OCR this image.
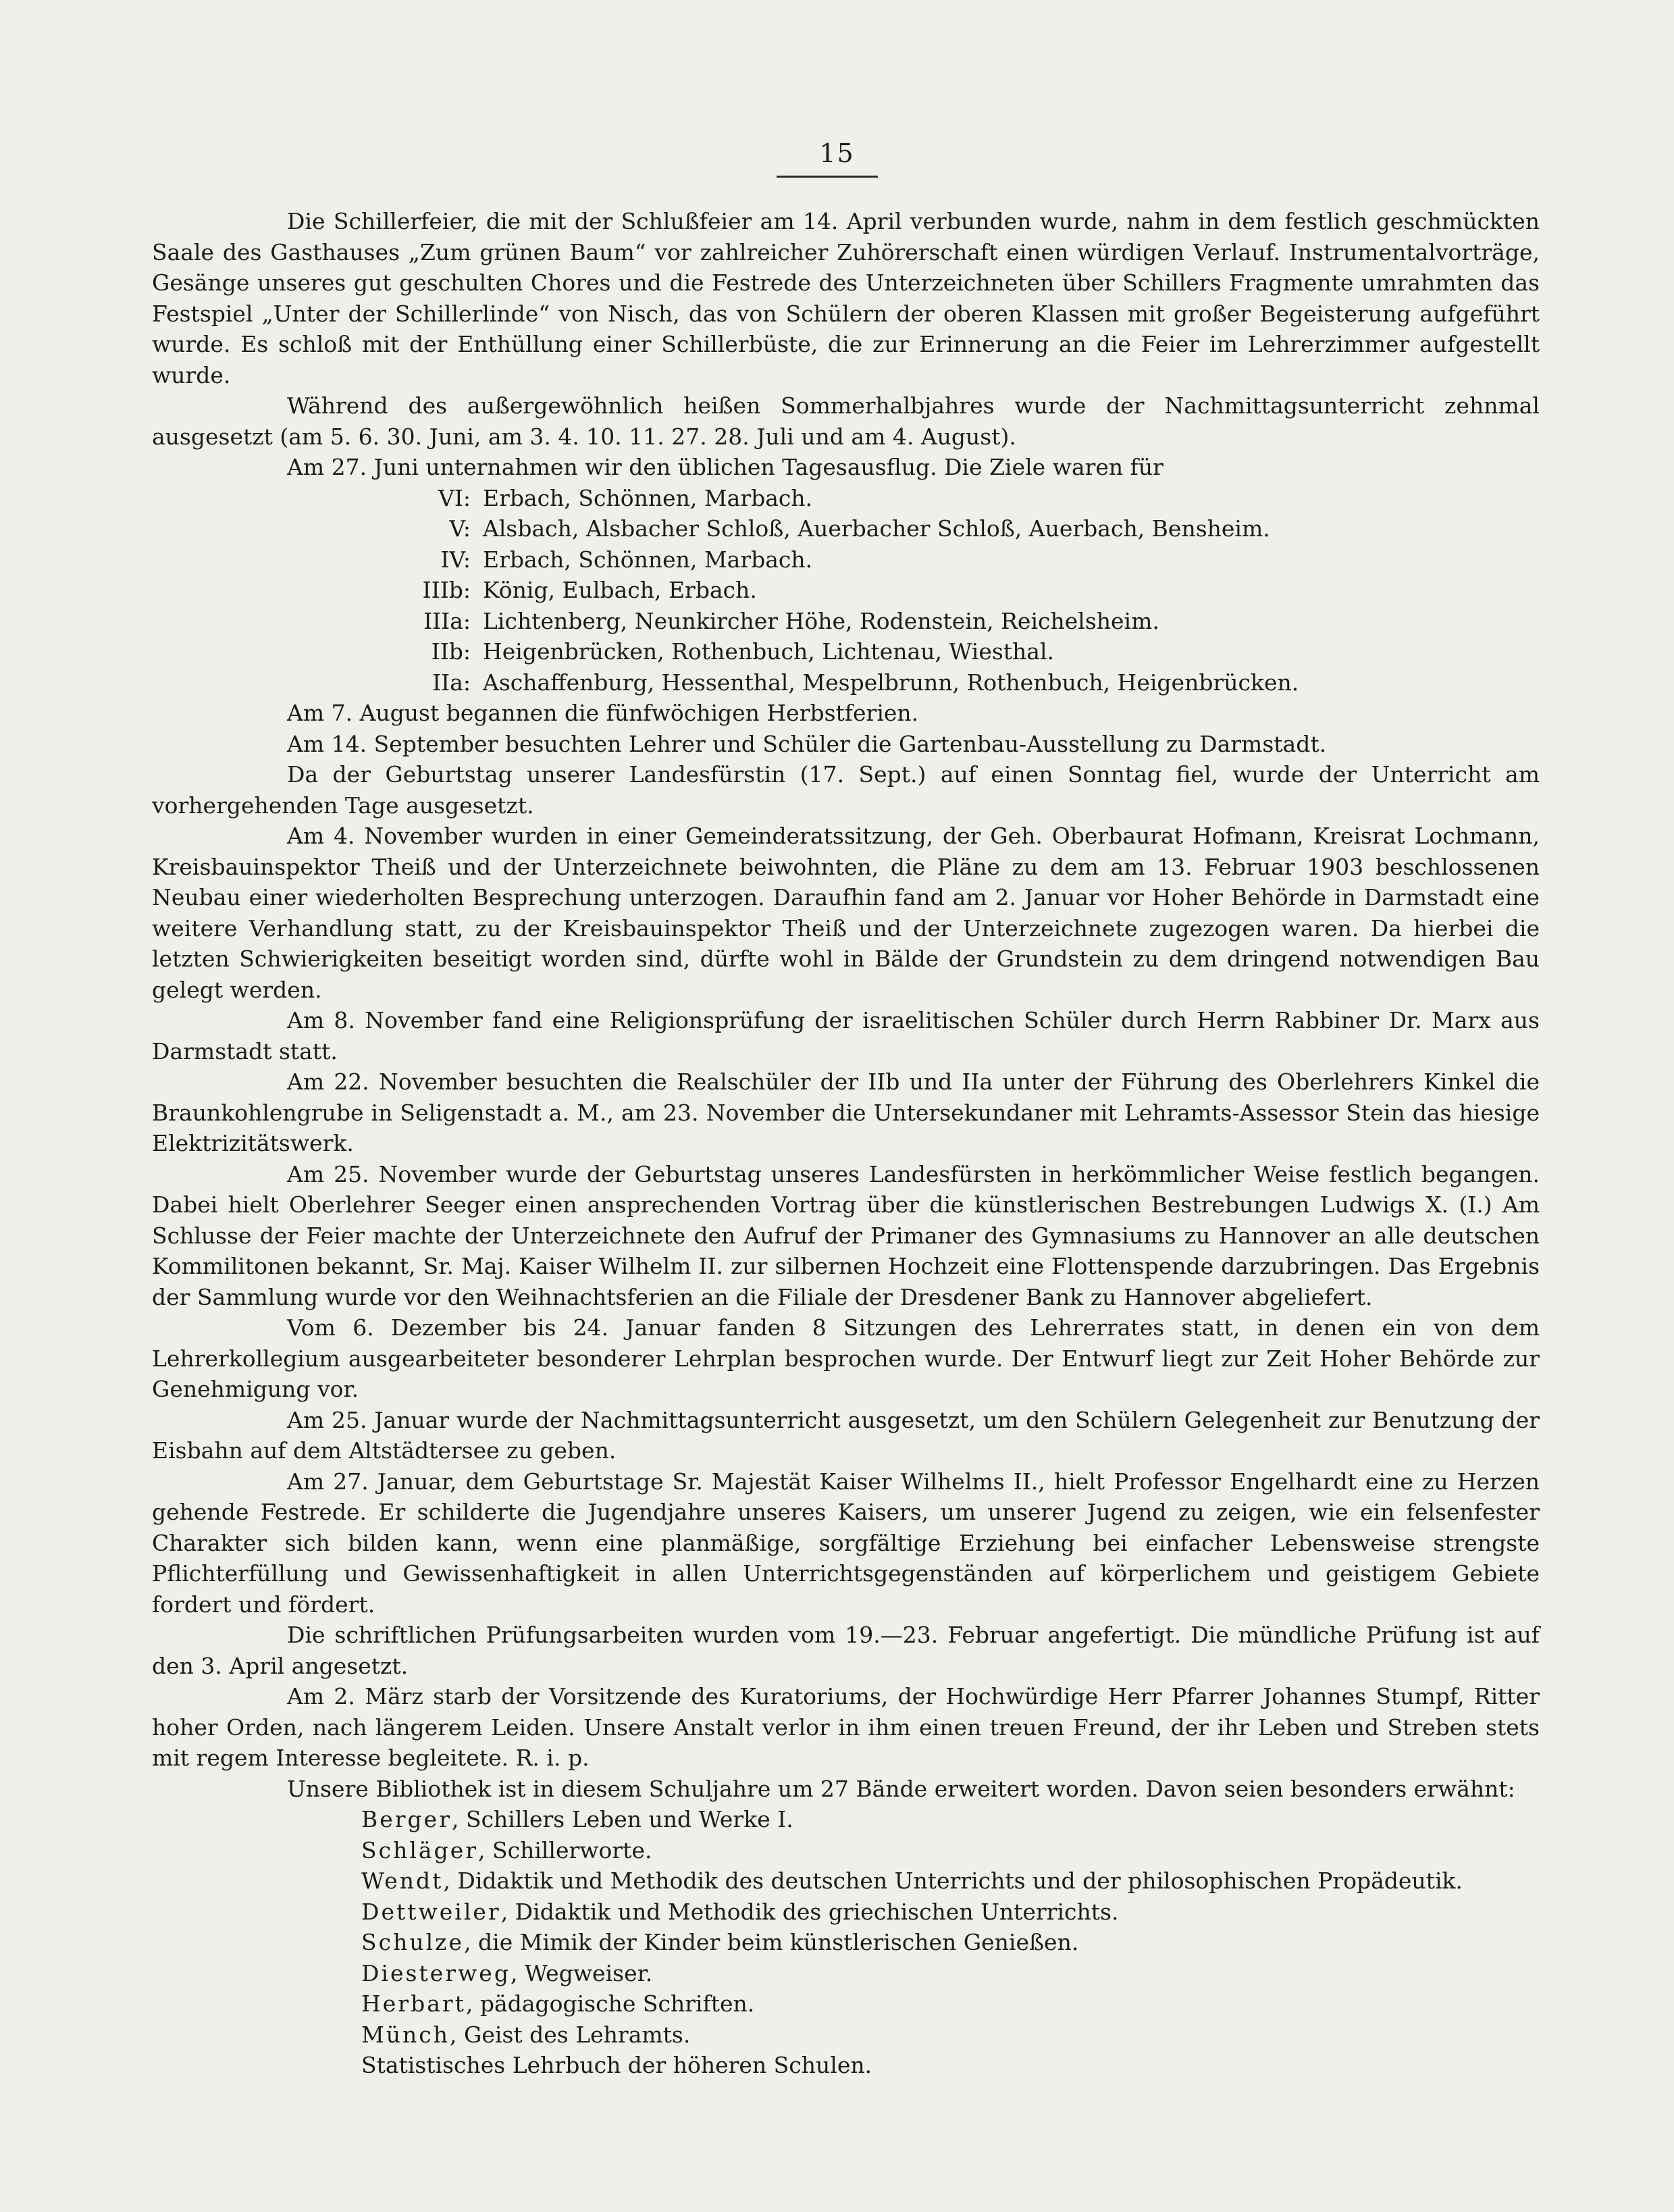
15

Die Schillerfeier, die mit der Schlußfeier am 14. April verbunden wurde, nahm in dem festlich geschmückten Saale des Gasthauses „Zum grünen Baum“ vor zahlreicher Zuhörerschaft einen würdigen Verlauf. Instrumentalvorträge, Gesänge unseres gut geschulten Chores und die Festrede des Unterzeichneten über Schillers Fragmente umrahmten das Festspiel „Unter der Schillerlinde“ von Nisch, das von Schülern der oberen Klassen mit großer Begeisterung aufgeführt wurde. Es schloß mit der Enthüllung einer Schillerbüste, die zur Erinnerung an die Feier im Lehrerzimmer aufgestellt wurde.

Während des außergewöhnlich heißen Sommerhalbjahres wurde der Nachmittagsunterricht zehnmal ausgesetzt (am 5. 6. 30. Juni, am 3. 4. 10. 11. 27. 28. Juli und am 4. August).

Am 27. Juni unternahmen wir den üblichen Tagesausflug. Die Ziele waren für

VI: Erbach, Schönnen, Marbach.
V: Alsbach, Alsbacher Schloß, Auerbacher Schloß, Auerbach, Bensheim.
IV: Erbach, Schönnen, Marbach.
IIIb: König, Eulbach, Erbach.
IIIa: Lichtenberg, Neunkircher Höhe, Rodenstein, Reichelsheim.
IIb: Heigenbrücken, Rothenbuch, Lichtenau, Wiesthal.
IIa: Aschaffenburg, Hessenthal, Mespelbrunn, Rothenbuch, Heigenbrücken.

Am 7. August begannen die fünfwöchigen Herbstferien.

Am 14. September besuchten Lehrer und Schüler die Gartenbau-Ausstellung zu Darmstadt.

Da der Geburtstag unserer Landesfürstin (17. Sept.) auf einen Sonntag fiel, wurde der Unterricht am vorhergehenden Tage ausgesetzt.

Am 4. November wurden in einer Gemeinderatssitzung, der Geh. Oberbaurat Hofmann, Kreisrat Lochmann, Kreisbauinspektor Theiß und der Unterzeichnete beiwohnten, die Pläne zu dem am 13. Februar 1903 beschlossenen Neubau einer wiederholten Besprechung unterzogen. Daraufhin fand am 2. Januar vor Hoher Behörde in Darmstadt eine weitere Verhandlung statt, zu der Kreisbauinspektor Theiß und der Unterzeichnete zugezogen waren. Da hierbei die letzten Schwierigkeiten beseitigt worden sind, dürfte wohl in Bälde der Grundstein zu dem dringend notwendigen Bau gelegt werden.

Am 8. November fand eine Religionsprüfung der israelitischen Schüler durch Herrn Rabbiner Dr. Marx aus Darmstadt statt.

Am 22. November besuchten die Realschüler der IIb und IIa unter der Führung des Oberlehrers Kinkel die Braunkohlengrube in Seligenstadt a. M., am 23. November die Untersekundaner mit Lehramts-Assessor Stein das hiesige Elektrizitätswerk.

Am 25. November wurde der Geburtstag unseres Landesfürsten in herkömmlicher Weise festlich begangen. Dabei hielt Oberlehrer Seeger einen ansprechenden Vortrag über die künstlerischen Bestrebungen Ludwigs X. (I.) Am Schlusse der Feier machte der Unterzeichnete den Aufruf der Primaner des Gymnasiums zu Hannover an alle deutschen Kommilitonen bekannt, Sr. Maj. Kaiser Wilhelm II. zur silbernen Hochzeit eine Flottenspende darzubringen. Das Ergebnis der Sammlung wurde vor den Weihnachtsferien an die Filiale der Dresdener Bank zu Hannover abgeliefert.

Vom 6. Dezember bis 24. Januar fanden 8 Sitzungen des Lehrerrates statt, in denen ein von dem Lehrerkollegium ausgearbeiteter besonderer Lehrplan besprochen wurde. Der Entwurf liegt zur Zeit Hoher Behörde zur Genehmigung vor.

Am 25. Januar wurde der Nachmittagsunterricht ausgesetzt, um den Schülern Gelegenheit zur Benutzung der Eisbahn auf dem Altstädtersee zu geben.

Am 27. Januar, dem Geburtstage Sr. Majestät Kaiser Wilhelms II., hielt Professor Engelhardt eine zu Herzen gehende Festrede. Er schilderte die Jugendjahre unseres Kaisers, um unserer Jugend zu zeigen, wie ein felsenfester Charakter sich bilden kann, wenn eine planmäßige, sorgfältige Erziehung bei einfacher Lebensweise strengste Pflichterfüllung und Gewissenhaftigkeit in allen Unterrichtsgegenständen auf körperlichem und geistigem Gebiete fordert und fördert.

Die schriftlichen Prüfungsarbeiten wurden vom 19.—23. Februar angefertigt. Die mündliche Prüfung ist auf den 3. April angesetzt.

Am 2. März starb der Vorsitzende des Kuratoriums, der Hochwürdige Herr Pfarrer Johannes Stumpf, Ritter hoher Orden, nach längerem Leiden. Unsere Anstalt verlor in ihm einen treuen Freund, der ihr Leben und Streben stets mit regem Interesse begleitete. R. i. p.

Unsere Bibliothek ist in diesem Schuljahre um 27 Bände erweitert worden. Davon seien besonders erwähnt:

Berger, Schillers Leben und Werke I.
Schläger, Schillerworte.
Wendt, Didaktik und Methodik des deutschen Unterrichts und der philosophischen Propädeutik.
Dettweiler, Didaktik und Methodik des griechischen Unterrichts.
Schulze, die Mimik der Kinder beim künstlerischen Genießen.
Diesterweg, Wegweiser.
Herbart, pädagogische Schriften.
Münch, Geist des Lehramts.
Statistisches Lehrbuch der höheren Schulen.
